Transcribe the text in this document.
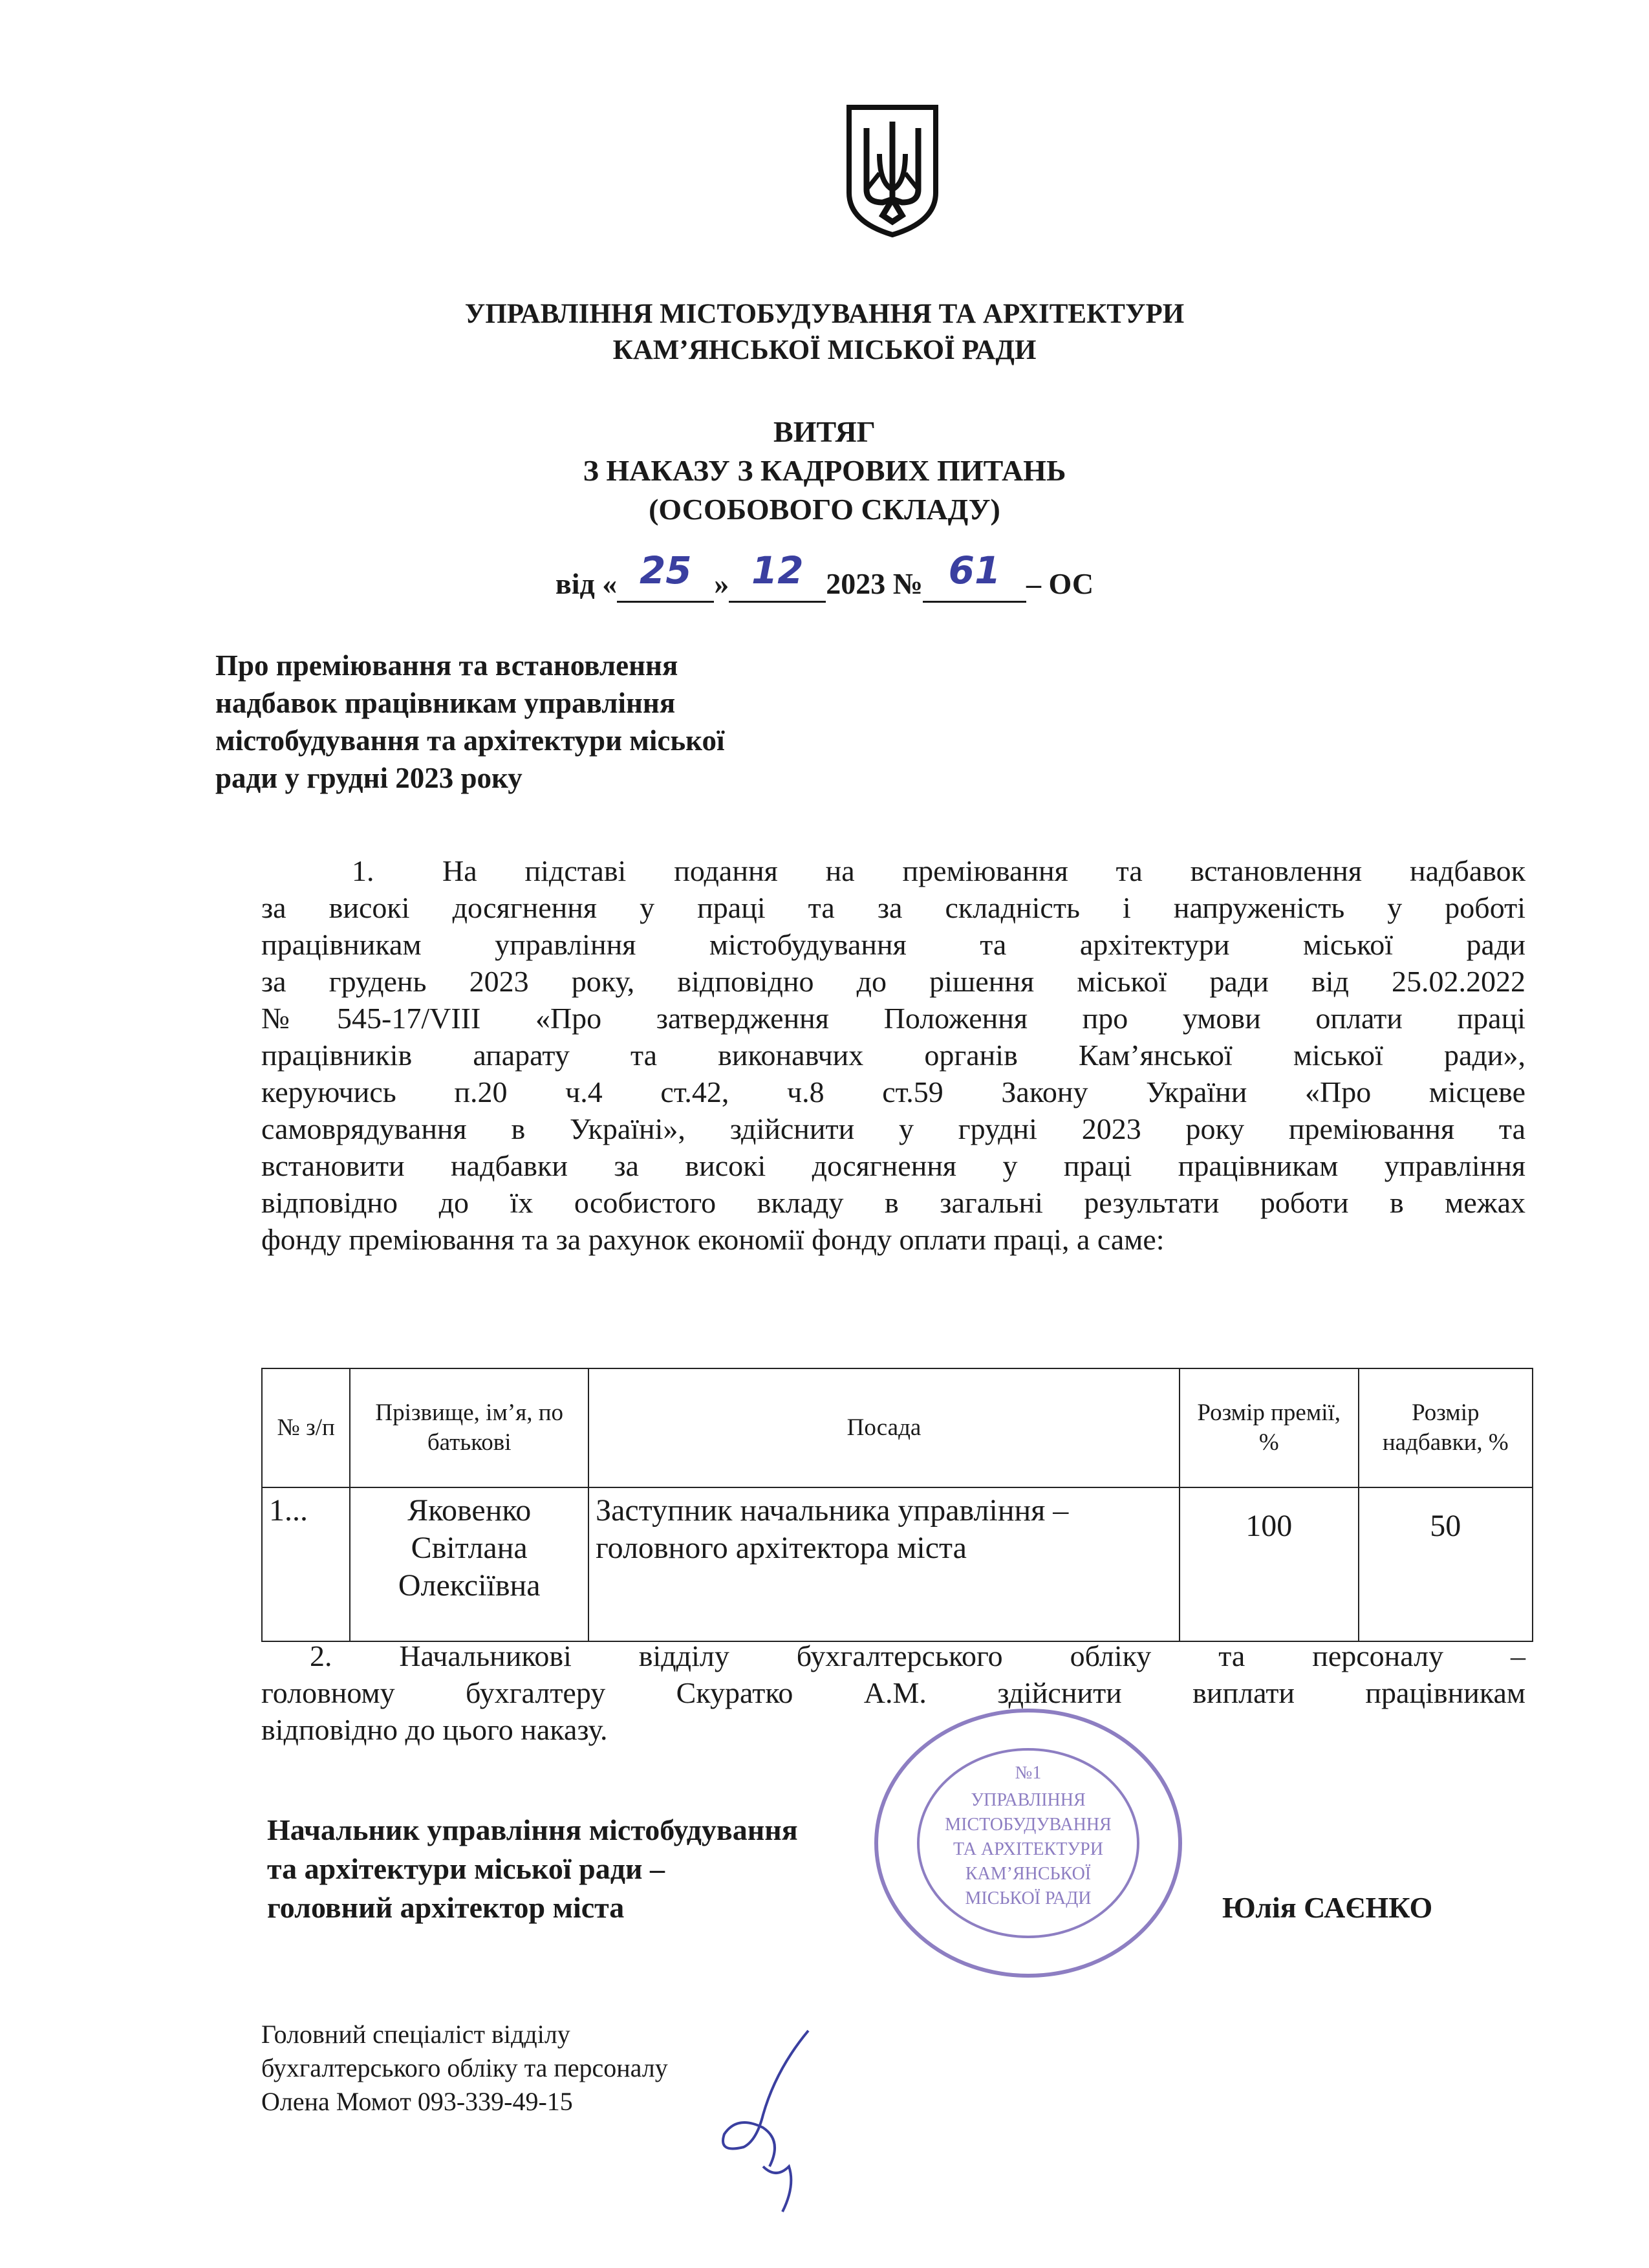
УПРАВЛІННЯ МІСТОБУДУВАННЯ ТА АРХІТЕКТУРИ
КАМ’ЯНСЬКОЇ МІСЬКОЇ РАДИ
ВИТЯГ
З НАКАЗУ З КАДРОВИХ ПИТАНЬ
(ОСОБОВОГО СКЛАДУ)
від « 25 » 12 2023 № 61 – ОС
Про преміювання та встановлення
надбавок працівникам управління
містобудування та архітектури міської
ради у грудні 2023 року
1. На підставі подання на преміювання та встановлення надбавок
за високі досягнення у праці та за складність і напруженість у роботі
працівникам управління містобудування та архітектури міської ради
за грудень 2023 року, відповідно до рішення міської ради від 25.02.2022
№545-17/VIII «Про затвердження Положення про умови оплати праці
працівників апарату та виконавчих органів Кам’янської міської ради»,
керуючись п.20 ч.4 ст.42, ч.8 ст.59 Закону України «Про місцеве
самоврядування в Україні», здійснити у грудні 2023 року преміювання та
встановити надбавки за високі досягнення у праці працівникам управління
відповідно до їх особистого вкладу в загальні результати роботи в межах
фонду преміювання та за рахунок економії фонду оплати праці, а саме:
№ з/п	Прізвище, ім’я, по батькові	Посада	Розмір премії, %	Розмір надбавки, %
1...	Яковенко Світлана Олексіївна	Заступник начальника управління – головного архітектора міста	100	50
2. Начальникові відділу бухгалтерського обліку та персоналу –
головному бухгалтеру Скуратко А.М. здійснити виплати працівникам
відповідно до цього наказу.
№1
УПРАВЛІННЯ
МІСТОБУДУВАННЯ
ТА АРХІТЕКТУРИ
КАМ’ЯНСЬКОЇ
МІСЬКОЇ РАДИ
Начальник управління містобудування
та архітектури міської ради –
головний архітектор міста	Юлія САЄНКО
Головний спеціаліст відділу
бухгалтерського обліку та персоналу
Олена Момот 093-339-49-15
